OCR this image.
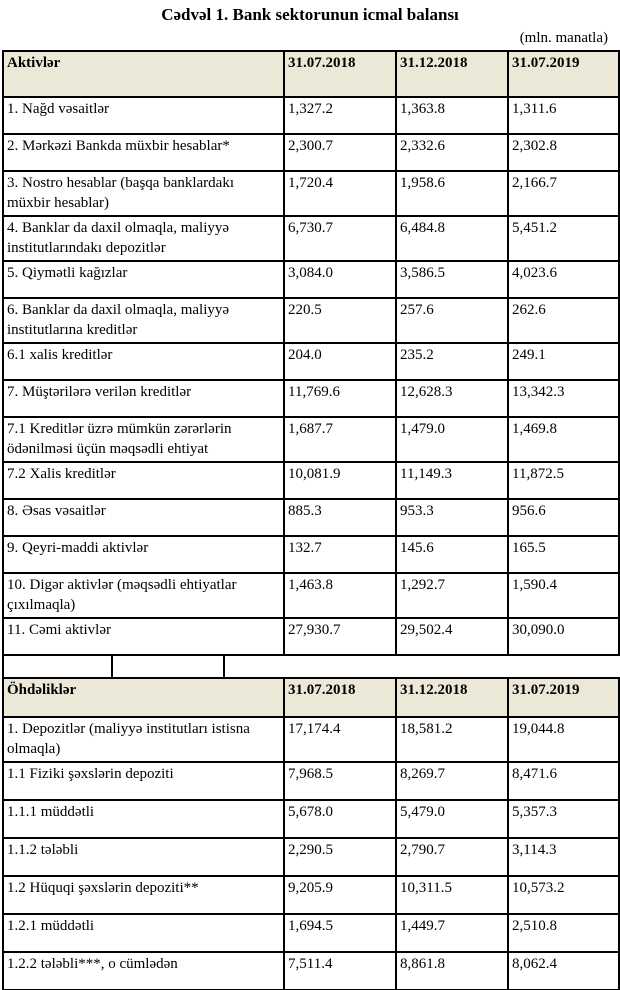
Cədvəl 1. Bank sektorunun icmal balansı
(mln. manatla)
Aktivlər	31.07.2018	31.12.2018	31.07.2019
1. Nağd vəsaitlər	1,327.2	1,363.8	1,311.6
2. Mərkəzi Bankda müxbir hesablar*	2,300.7	2,332.6	2,302.8
3. Nostro hesablar (başqa banklardakı müxbir hesablar)	1,720.4	1,958.6	2,166.7
4. Banklar da daxil olmaqla, maliyyə institutlarındakı depozitlər	6,730.7	6,484.8	5,451.2
5. Qiymətli kağızlar	3,084.0	3,586.5	4,023.6
6. Banklar da daxil olmaqla, maliyyə institutlarına kreditlər	220.5	257.6	262.6
6.1 xalis kreditlər	204.0	235.2	249.1
7. Müştərilərə verilən kreditlər	11,769.6	12,628.3	13,342.3
7.1 Kreditlər üzrə mümkün zərərlərin ödənilməsi üçün məqsədli ehtiyat	1,687.7	1,479.0	1,469.8
7.2 Xalis kreditlər	10,081.9	11,149.3	11,872.5
8. Əsas vəsaitlər	885.3	953.3	956.6
9. Qeyri-maddi aktivlər	132.7	145.6	165.5
10. Digər aktivlər (məqsədli ehtiyatlar çıxılmaqla)	1,463.8	1,292.7	1,590.4
11. Cəmi aktivlər	27,930.7	29,502.4	30,090.0
Öhdəliklər	31.07.2018	31.12.2018	31.07.2019
1. Depozitlər (maliyyə institutları istisna olmaqla)	17,174.4	18,581.2	19,044.8
1.1 Fiziki şəxslərin depoziti	7,968.5	8,269.7	8,471.6
1.1.1 müddətli	5,678.0	5,479.0	5,357.3
1.1.2 tələbli	2,290.5	2,790.7	3,114.3
1.2 Hüquqi şəxslərin depoziti**	9,205.9	10,311.5	10,573.2
1.2.1 müddətli	1,694.5	1,449.7	2,510.8
1.2.2 tələbli***, o cümlədən	7,511.4	8,861.8	8,062.4
